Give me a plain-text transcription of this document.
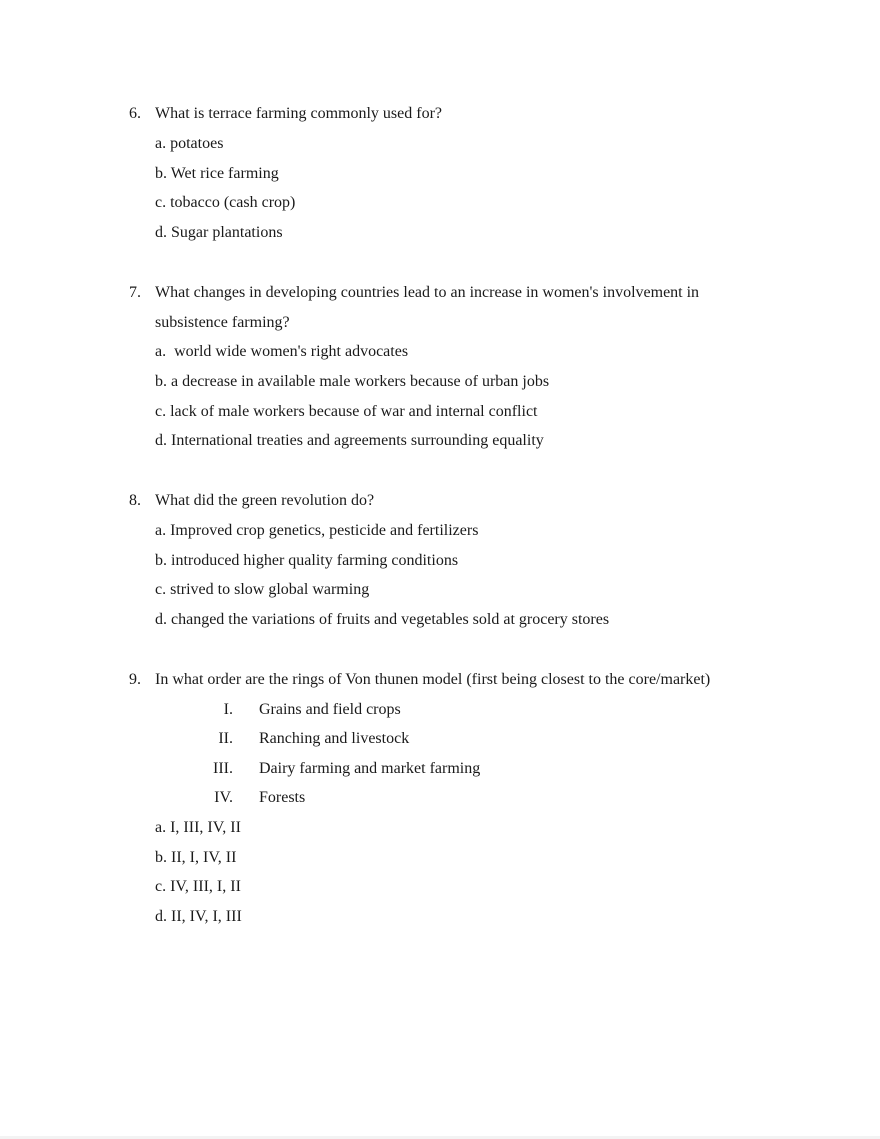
6. What is terrace farming commonly used for?
a. potatoes
b. Wet rice farming
c. tobacco (cash crop)
d. Sugar plantations
7. What changes in developing countries lead to an increase in women's involvement in
subsistence farming?
a.  world wide women's right advocates
b. a decrease in available male workers because of urban jobs
c. lack of male workers because of war and internal conflict
d. International treaties and agreements surrounding equality
8. What did the green revolution do?
a. Improved crop genetics, pesticide and fertilizers
b. introduced higher quality farming conditions
c. strived to slow global warming
d. changed the variations of fruits and vegetables sold at grocery stores
9. In what order are the rings of Von thunen model (first being closest to the core/market)
I. Grains and field crops
II. Ranching and livestock
III. Dairy farming and market farming
IV. Forests
a. I, III, IV, II
b. II, I, IV, II
c. IV, III, I, II
d. II, IV, I, III
